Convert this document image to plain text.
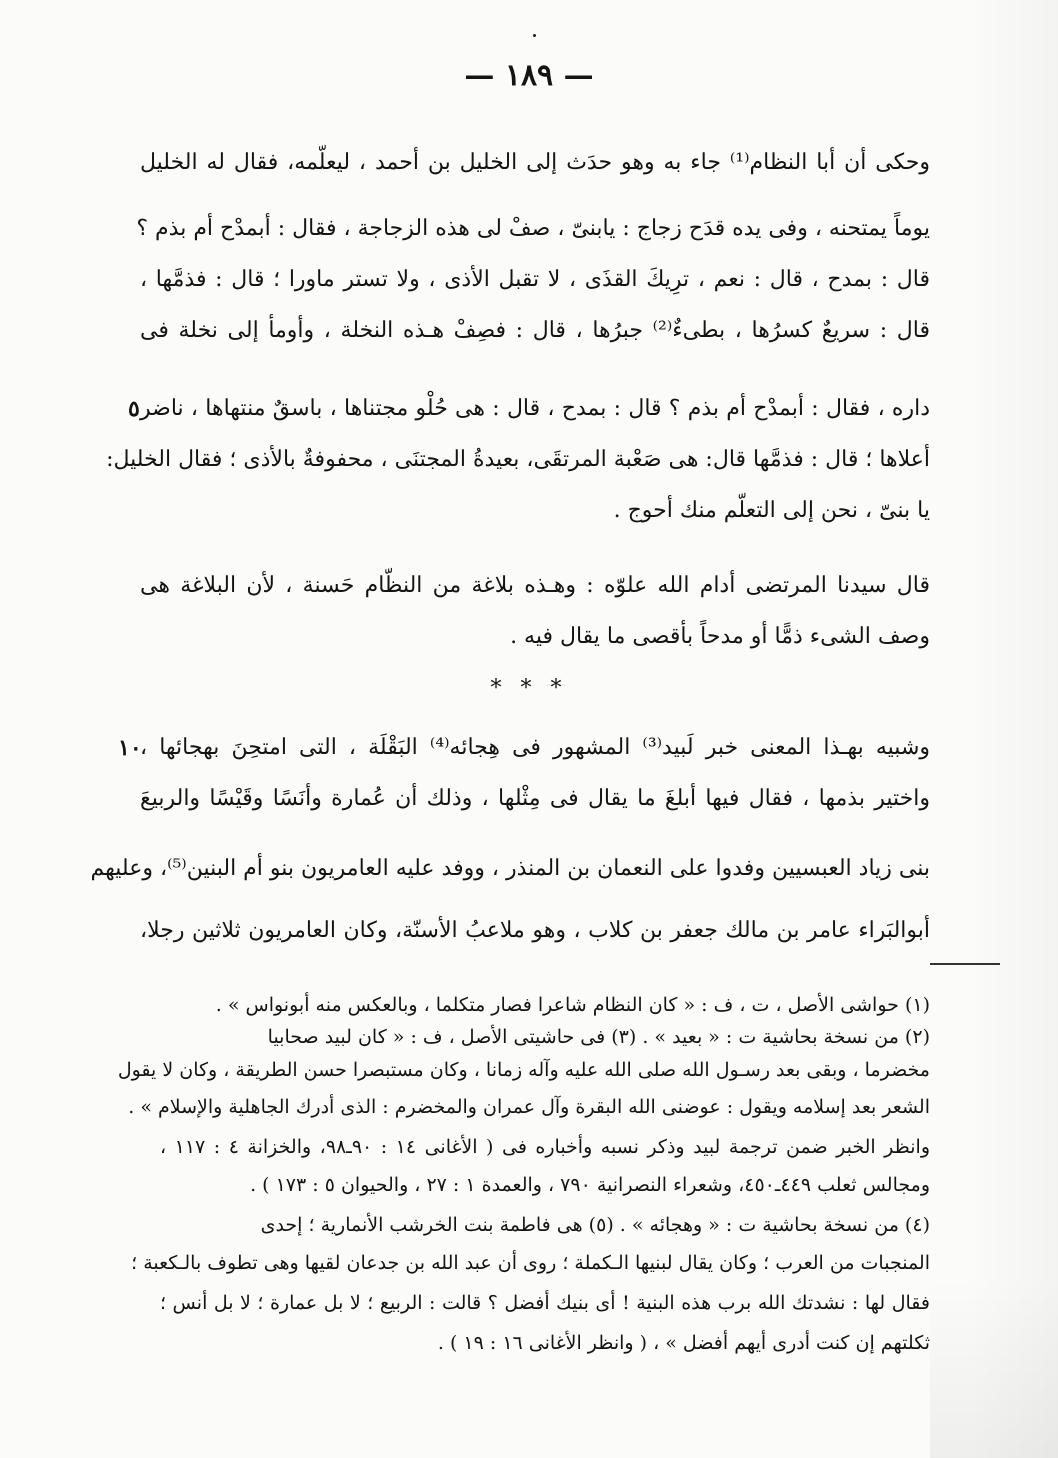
— ١٨٩ —
وحكى أن أبا النظام⁽¹⁾ جاء به وهو حدَث إلى الخليل بن أحمد ، ليعلّمه، فقال له الخليل
يوماً يمتحنه ، وفى يده قدَح زجاج : يابنىّ ، صفْ لى هذه الزجاجة ، فقال : أبمدْح أم بذم ؟
قال : بمدح ، قال : نعم ، ترِيكَ القذَى ، لا تقبل الأذى ، ولا تستر ماورا ؛ قال : فذمَّها ،
قال : سريعٌ كسرُها ، بطىءٌ⁽²⁾ جبرُها ، قال : فصِفْ هـذه النخلة ، وأومأ إلى نخلة فى
داره ، فقال : أبمدْح أم بذم ؟ قال : بمدح ، قال : هى حُلْو مجتناها ، باسقٌ منتهاها ، ناضر
٥
أعلاها ؛ قال : فذمَّها قال: هى صَعْبة المرتقَى، بعيدةُ المجتنَى ، محفوفةٌ بالأذى ؛ فقال الخليل:
يا بنىّ ، نحن إلى التعلّم منك أحوج .
قال سيدنا المرتضى أدام الله علوّه : وهـذه بلاغة من النظّام حَسنة ، لأن البلاغة هى
وصف الشىء ذمًّا أو مدحاً بأقصى ما يقال فيه .
* * *
وشبيه بهـذا المعنى خبر لَبيد⁽³⁾ المشهور فى هِجائه⁽⁴⁾ البَقْلَة ، التى امتحِنَ بهجائها ،
١٠
واختير بذمها ، فقال فيها أبلغَ ما يقال فى مِثْلها ، وذلك أن عُمارة وأنَسًا وقَيْسًا والربيعَ
بنى زياد العبسيين وفدوا على النعمان بن المنذر ، ووفد عليه العامريون بنو أم البنين⁽⁵⁾، وعليهم
أبوالبَراء عامر بن مالك جعفر بن كلاب ، وهو ملاعبُ الأسنّة، وكان العامريون ثلاثين رجلا،
(١) حواشى الأصل ، ت ، ف : « كان النظام شاعرا فصار متكلما ، وبالعكس منه أبونواس » .
(٢) من نسخة بحاشية ت : « بعيد » . (٣) فى حاشيتى الأصل ، ف : « كان لبيد صحابيا
مخضرما ، وبقى بعد رسـول الله صلى الله عليه وآله زمانا ، وكان مستبصرا حسن الطريقة ، وكان لا يقول
الشعر بعد إسلامه ويقول : عوضنى الله البقرة وآل عمران والمخضرم : الذى أدرك الجاهلية والإسلام » .
وانظر الخبر ضمن ترجمة لبيد وذكر نسبه وأخباره فى ( الأغانى ١٤ : ٩٠ـ٩٨، والخزانة ٤ : ١١٧ ،
ومجالس ثعلب ٤٤٩ـ٤٥٠، وشعراء النصرانية ٧٩٠ ، والعمدة ١ : ٢٧ ، والحيوان ٥ : ١٧٣ ) .
(٤) من نسخة بحاشية ت : « وهجائه » . (٥) هى فاطمة بنت الخرشب الأنمارية ؛ إحدى
المنجبات من العرب ؛ وكان يقال لبنيها الـكملة ؛ روى أن عبد الله بن جدعان لقيها وهى تطوف بالـكعبة ؛
فقال لها : نشدتك الله برب هذه البنية ! أى بنيك أفضل ؟ قالت : الربيع ؛ لا بل عمارة ؛ لا بل أنس ؛
ثكلتهم إن كنت أدرى أيهم أفضل » ، ( وانظر الأغانى ١٦ : ١٩ ) .
